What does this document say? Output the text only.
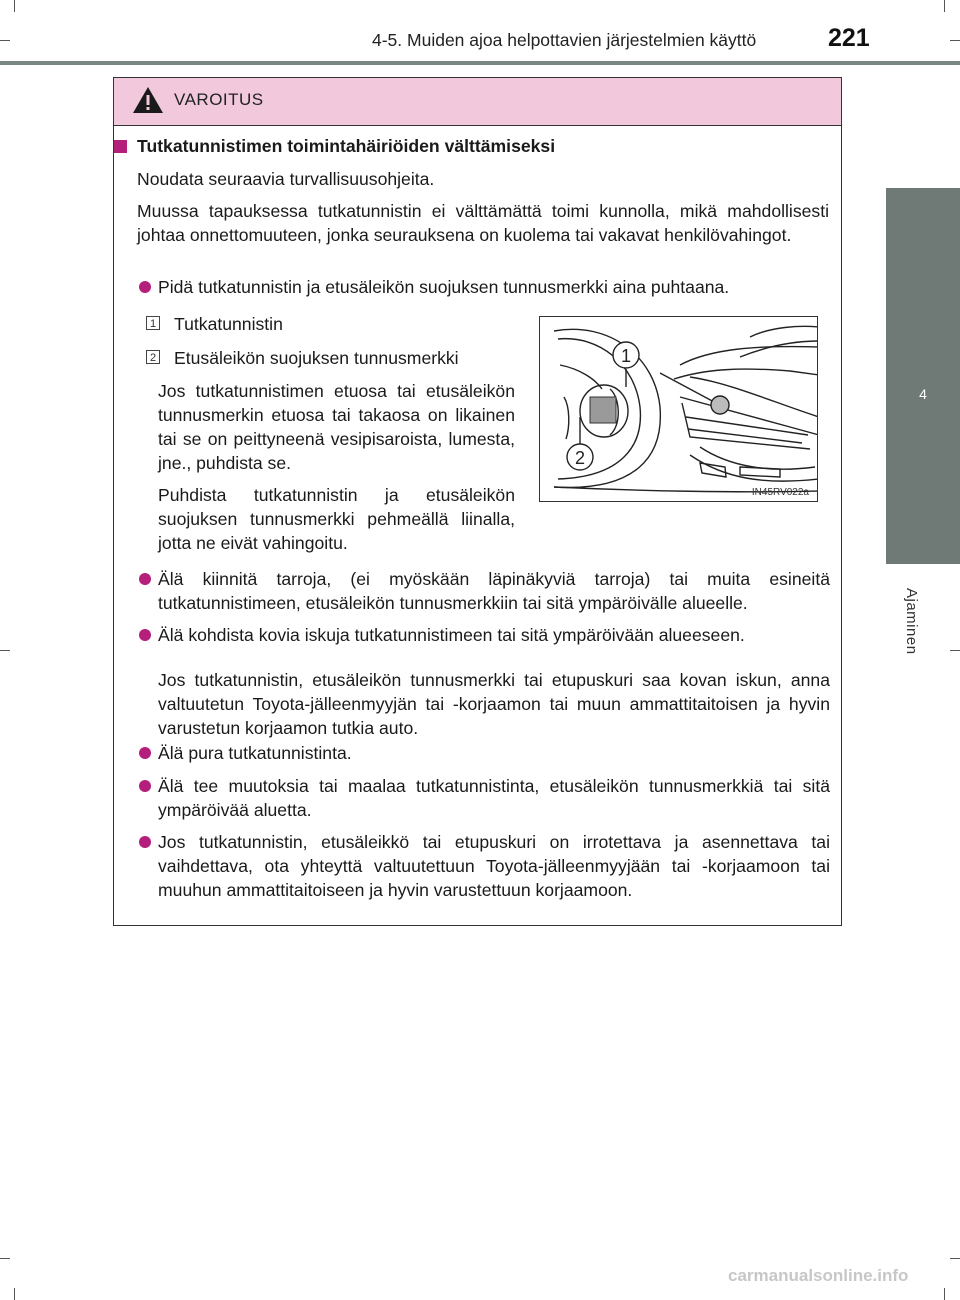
4-5. Muiden ajoa helpottavien järjestelmien käyttö	221
4
Ajaminen
VAROITUS
Tutkatunnistimen toimintahäiriöiden välttämiseksi
Noudata seuraavia turvallisuusohjeita.
Muussa tapauksessa tutkatunnistin ei välttämättä toimi kunnolla, mikä mahdollisesti johtaa onnettomuuteen, jonka seurauksena on kuolema tai vakavat henkilövahingot.
Pidä tutkatunnistin ja etusäleikön suojuksen tunnusmerkki aina puhtaana.
1 Tutkatunnistin
2 Etusäleikön suojuksen tunnusmerkki
Jos tutkatunnistimen etuosa tai etusäleikön tunnusmerkin etuosa tai takaosa on likainen tai se on peittyneenä vesipisaroista, lumesta, jne., puhdista se.
Puhdista tutkatunnistin ja etusäleikön suojuksen tunnusmerkki pehmeällä liinalla, jotta ne eivät vahingoitu.
1
2
IN45RV022a
Älä kiinnitä tarroja, (ei myöskään läpinäkyviä tarroja) tai muita esineitä tutkatunnistimeen, etusäleikön tunnusmerkkiin tai sitä ympäröivälle alueelle.
Älä kohdista kovia iskuja tutkatunnistimeen tai sitä ympäröivään alueeseen.
Jos tutkatunnistin, etusäleikön tunnusmerkki tai etupuskuri saa kovan iskun, anna valtuutetun Toyota-jälleenmyyjän tai -korjaamon tai muun ammattitaitoisen ja hyvin varustetun korjaamon tutkia auto.
Älä pura tutkatunnistinta.
Älä tee muutoksia tai maalaa tutkatunnistinta, etusäleikön tunnusmerkkiä tai sitä ympäröivää aluetta.
Jos tutkatunnistin, etusäleikkö tai etupuskuri on irrotettava ja asennettava tai vaihdettava, ota yhteyttä valtuutettuun Toyota-jälleenmyyjään tai -korjaamoon tai muuhun ammattitaitoiseen ja hyvin varustettuun korjaamoon.
carmanualsonline.info
